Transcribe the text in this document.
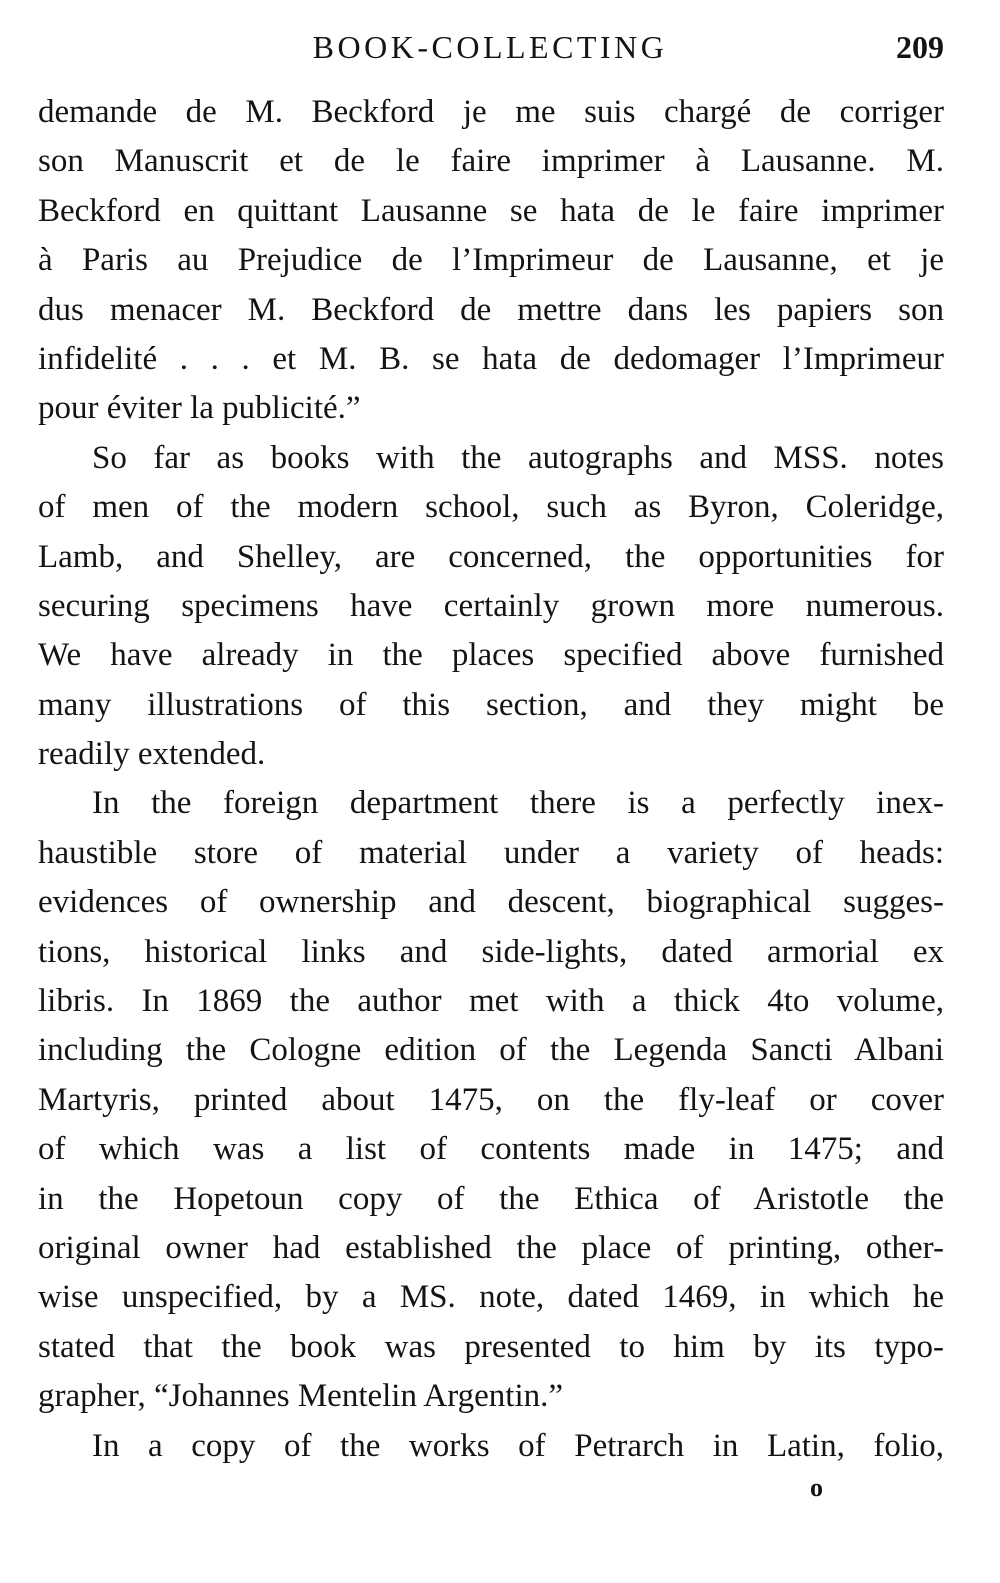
BOOK-COLLECTING	209
demande de M. Beckford je me suis chargé de corriger
son Manuscrit et de le faire imprimer à Lausanne. M.
Beckford en quittant Lausanne se hata de le faire imprimer
à Paris au Prejudice de l’Imprimeur de Lausanne, et je
dus menacer M. Beckford de mettre dans les papiers son
infidelité . . . et M. B. se hata de dedomager l’Imprimeur
pour éviter la publicité.”
So far as books with the autographs and MSS. notes
of men of the modern school, such as Byron, Coleridge,
Lamb, and Shelley, are concerned, the opportunities for
securing specimens have certainly grown more numerous.
We have already in the places specified above furnished
many illustrations of this section, and they might be
readily extended.
In the foreign department there is a perfectly inex-
haustible store of material under a variety of heads:
evidences of ownership and descent, biographical sugges-
tions, historical links and side-lights, dated armorial ex
libris. In 1869 the author met with a thick 4to volume,
including the Cologne edition of the Legenda Sancti Albani
Martyris, printed about 1475, on the fly-leaf or cover
of which was a list of contents made in 1475; and
in the Hopetoun copy of the Ethica of Aristotle the
original owner had established the place of printing, other-
wise unspecified, by a MS. note, dated 1469, in which he
stated that the book was presented to him by its typo-
grapher, “Johannes Mentelin Argentin.”
In a copy of the works of Petrarch in Latin, folio,
o
